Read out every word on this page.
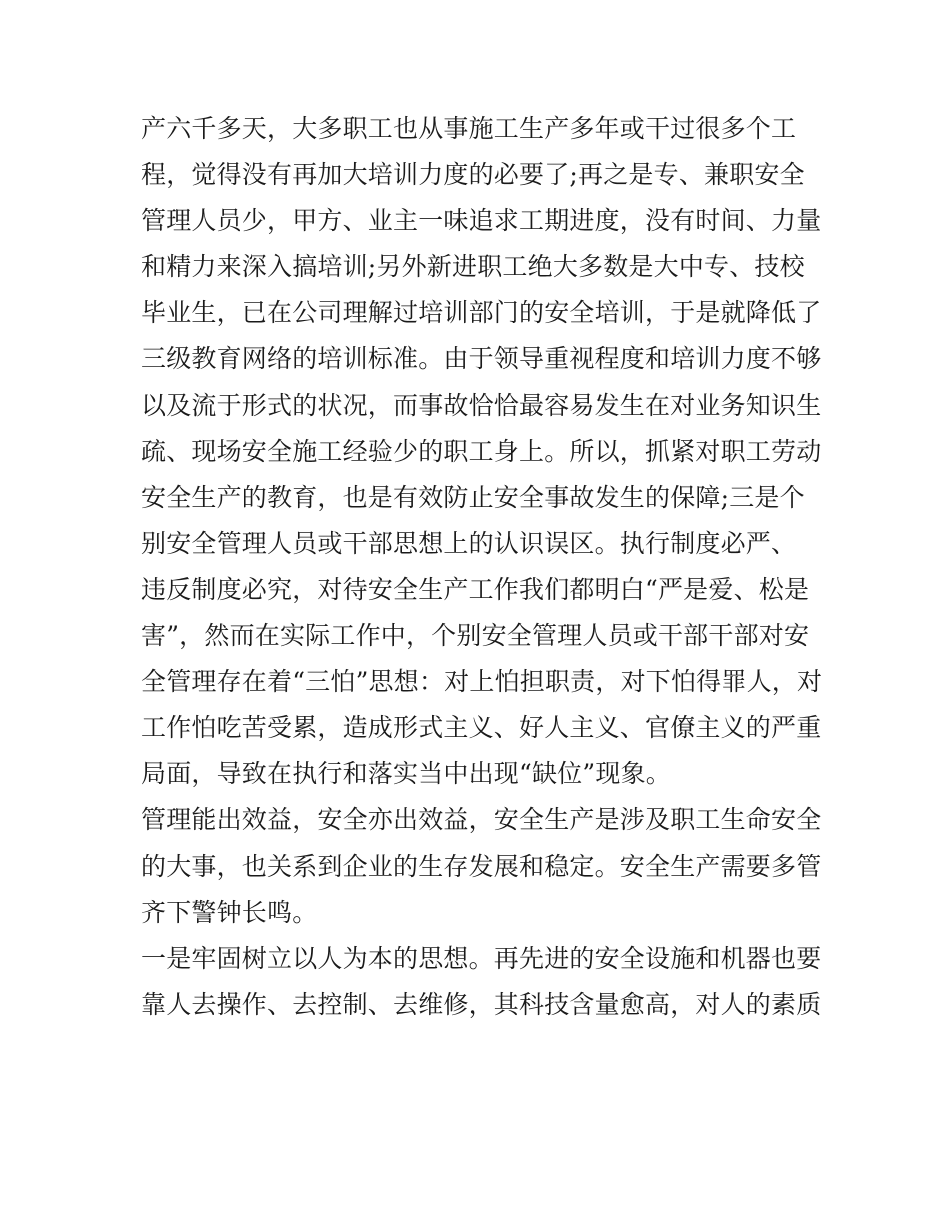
产六千多天，大多职工也从事施工生产多年或干过很多个工
程，觉得没有再加大培训力度的必要了;再之是专、兼职安全
管理人员少，甲方、业主一味追求工期进度，没有时间、力量
和精力来深入搞培训;另外新进职工绝大多数是大中专、技校
毕业生，已在公司理解过培训部门的安全培训，于是就降低了
三级教育网络的培训标准。由于领导重视程度和培训力度不够
以及流于形式的状况，而事故恰恰最容易发生在对业务知识生
疏、现场安全施工经验少的职工身上。所以，抓紧对职工劳动
安全生产的教育，也是有效防止安全事故发生的保障;三是个
别安全管理人员或干部思想上的认识误区。执行制度必严、
违反制度必究，对待安全生产工作我们都明白“严是爱、松是
害”，然而在实际工作中，个别安全管理人员或干部干部对安
全管理存在着“三怕”思想：对上怕担职责，对下怕得罪人，对
工作怕吃苦受累，造成形式主义、好人主义、官僚主义的严重
局面，导致在执行和落实当中出现“缺位”现象。
管理能出效益，安全亦出效益，安全生产是涉及职工生命安全
的大事，也关系到企业的生存发展和稳定。安全生产需要多管
齐下警钟长鸣。
一是牢固树立以人为本的思想。再先进的安全设施和机器也要
靠人去操作、去控制、去维修，其科技含量愈高，对人的素质
